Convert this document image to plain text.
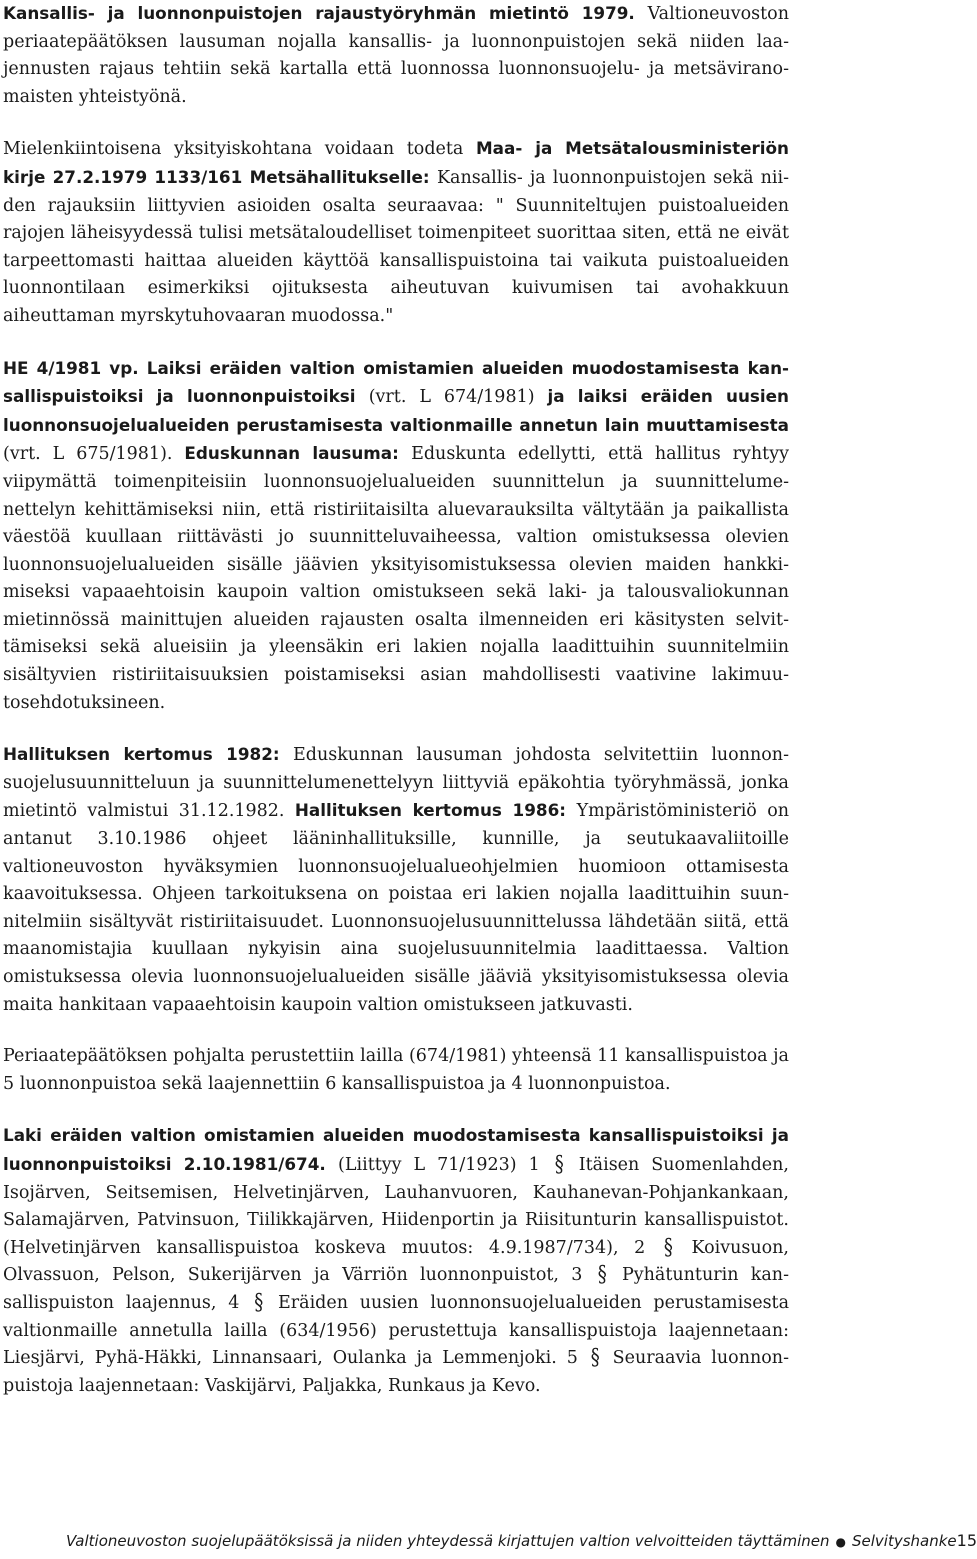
Kansallis- ja luonnonpuistojen rajaustyöryhmän mietintö 1979. Valtioneuvoston periaatepäätöksen lausuman nojalla kansallis- ja luonnonpuistojen sekä niiden laajennusten rajaus tehtiin sekä kartalla että luonnossa luonnonsuojelu- ja metsäviranomaisten yhteistyönä.

Mielenkiintoisena yksityiskohtana voidaan todeta Maa- ja Metsätalousministeriön kirje 27.2.1979 1133/161 Metsähallitukselle: Kansallis- ja luonnonpuistojen sekä niiden rajauksiin liittyvien asioiden osalta seuraavaa: " Suunniteltujen puistoalueiden rajojen läheisyydessä tulisi metsätaloudelliset toimenpiteet suorittaa siten, että ne eivät tarpeettomasti haittaa alueiden käyttöä kansallispuistoina tai vaikuta puistoalueiden luonnontilaan esimerkiksi ojituksesta aiheutuvan kuivumisen tai avohakkuun aiheuttaman myrskytuhovaaran muodossa."

HE 4/1981 vp. Laiksi eräiden valtion omistamien alueiden muodostamisesta kansallispuistoiksi ja luonnonpuistoiksi (vrt. L 674/1981) ja laiksi eräiden uusien luonnonsuojelualueiden perustamisesta valtionmaille annetun lain muuttamisesta (vrt. L 675/1981). Eduskunnan lausuma: Eduskunta edellytti, että hallitus ryhtyy viipymättä toimenpiteisiin luonnonsuojelualueiden suunnittelun ja suunnittelumenettelyn kehittämiseksi niin, että ristiriitaisilta aluevarauksilta vältytään ja paikallista väestöä kuullaan riittävästi jo suunnitteluvaiheessa, valtion omistuksessa olevien luonnonsuojelualueiden sisälle jäävien yksityisomistuksessa olevien maiden hankkimiseksi vapaaehtoisin kaupoin valtion omistukseen sekä laki- ja talousvaliokunnan mietinnössä mainittujen alueiden rajausten osalta ilmenneiden eri käsitysten selvittämiseksi sekä alueisiin ja yleensäkin eri lakien nojalla laadittuihin suunnitelmiin sisältyvien ristiriitaisuuksien poistamiseksi asian mahdollisesti vaativine lakimuutosehdotuksineen.

Hallituksen kertomus 1982: Eduskunnan lausuman johdosta selvitettiin luonnonsuojelusuunnitteluun ja suunnittelumenettelyyn liittyviä epäkohtia työryhmässä, jonka mietintö valmistui 31.12.1982. Hallituksen kertomus 1986: Ympäristöministeriö on antanut 3.10.1986 ohjeet lääninhallituksille, kunnille, ja seutukaavaliitoille valtioneuvoston hyväksymien luonnonsuojelualueohjelmien huomioon ottamisesta kaavoituksessa. Ohjeen tarkoituksena on poistaa eri lakien nojalla laadittuihin suunnitelmiin sisältyvät ristiriitaisuudet. Luonnonsuojelusuunnittelussa lähdetään siitä, että maanomistajia kuullaan nykyisin aina suojelusuunnitelmia laadittaessa. Valtion omistuksessa olevia luonnonsuojelualueiden sisälle jääviä yksityisomistuksessa olevia maita hankitaan vapaaehtoisin kaupoin valtion omistukseen jatkuvasti.

Periaatepäätöksen pohjalta perustettiin lailla (674/1981) yhteensä 11 kansallispuistoa ja 5 luonnonpuistoa sekä laajennettiin 6 kansallispuistoa ja 4 luonnonpuistoa.

Laki eräiden valtion omistamien alueiden muodostamisesta kansallispuistoiksi ja luonnonpuistoiksi 2.10.1981/674. (Liittyy L 71/1923) 1 § Itäisen Suomenlahden, Isojärven, Seitsemisen, Helvetinjärven, Lauhanvuoren, Kauhanevan-Pohjankankaan, Salamajärven, Patvinsuon, Tiilikkajärven, Hiidenportin ja Riisitunturin kansallispuistot. (Helvetinjärven kansallispuistoa koskeva muutos: 4.9.1987/734), 2 § Koivusuon, Olvassuon, Pelson, Sukerijärven ja Värriön luonnonpuistot, 3 § Pyhätunturin kansallispuiston laajennus, 4 § Eräiden uusien luonnonsuojelualueiden perustamisesta valtionmaille annetulla lailla (634/1956) perustettuja kansallispuistoja laajennetaan: Liesjärvi, Pyhä-Häkki, Linnansaari, Oulanka ja Lemmenjoki. 5 § Seuraavia luonnonpuistoja laajennetaan: Vaskijärvi, Paljakka, Runkaus ja Kevo.

Valtioneuvoston suojelupäätöksissä ja niiden yhteydessä kirjattujen valtion velvoitteiden täyttäminen ● Selvityshanke 15
